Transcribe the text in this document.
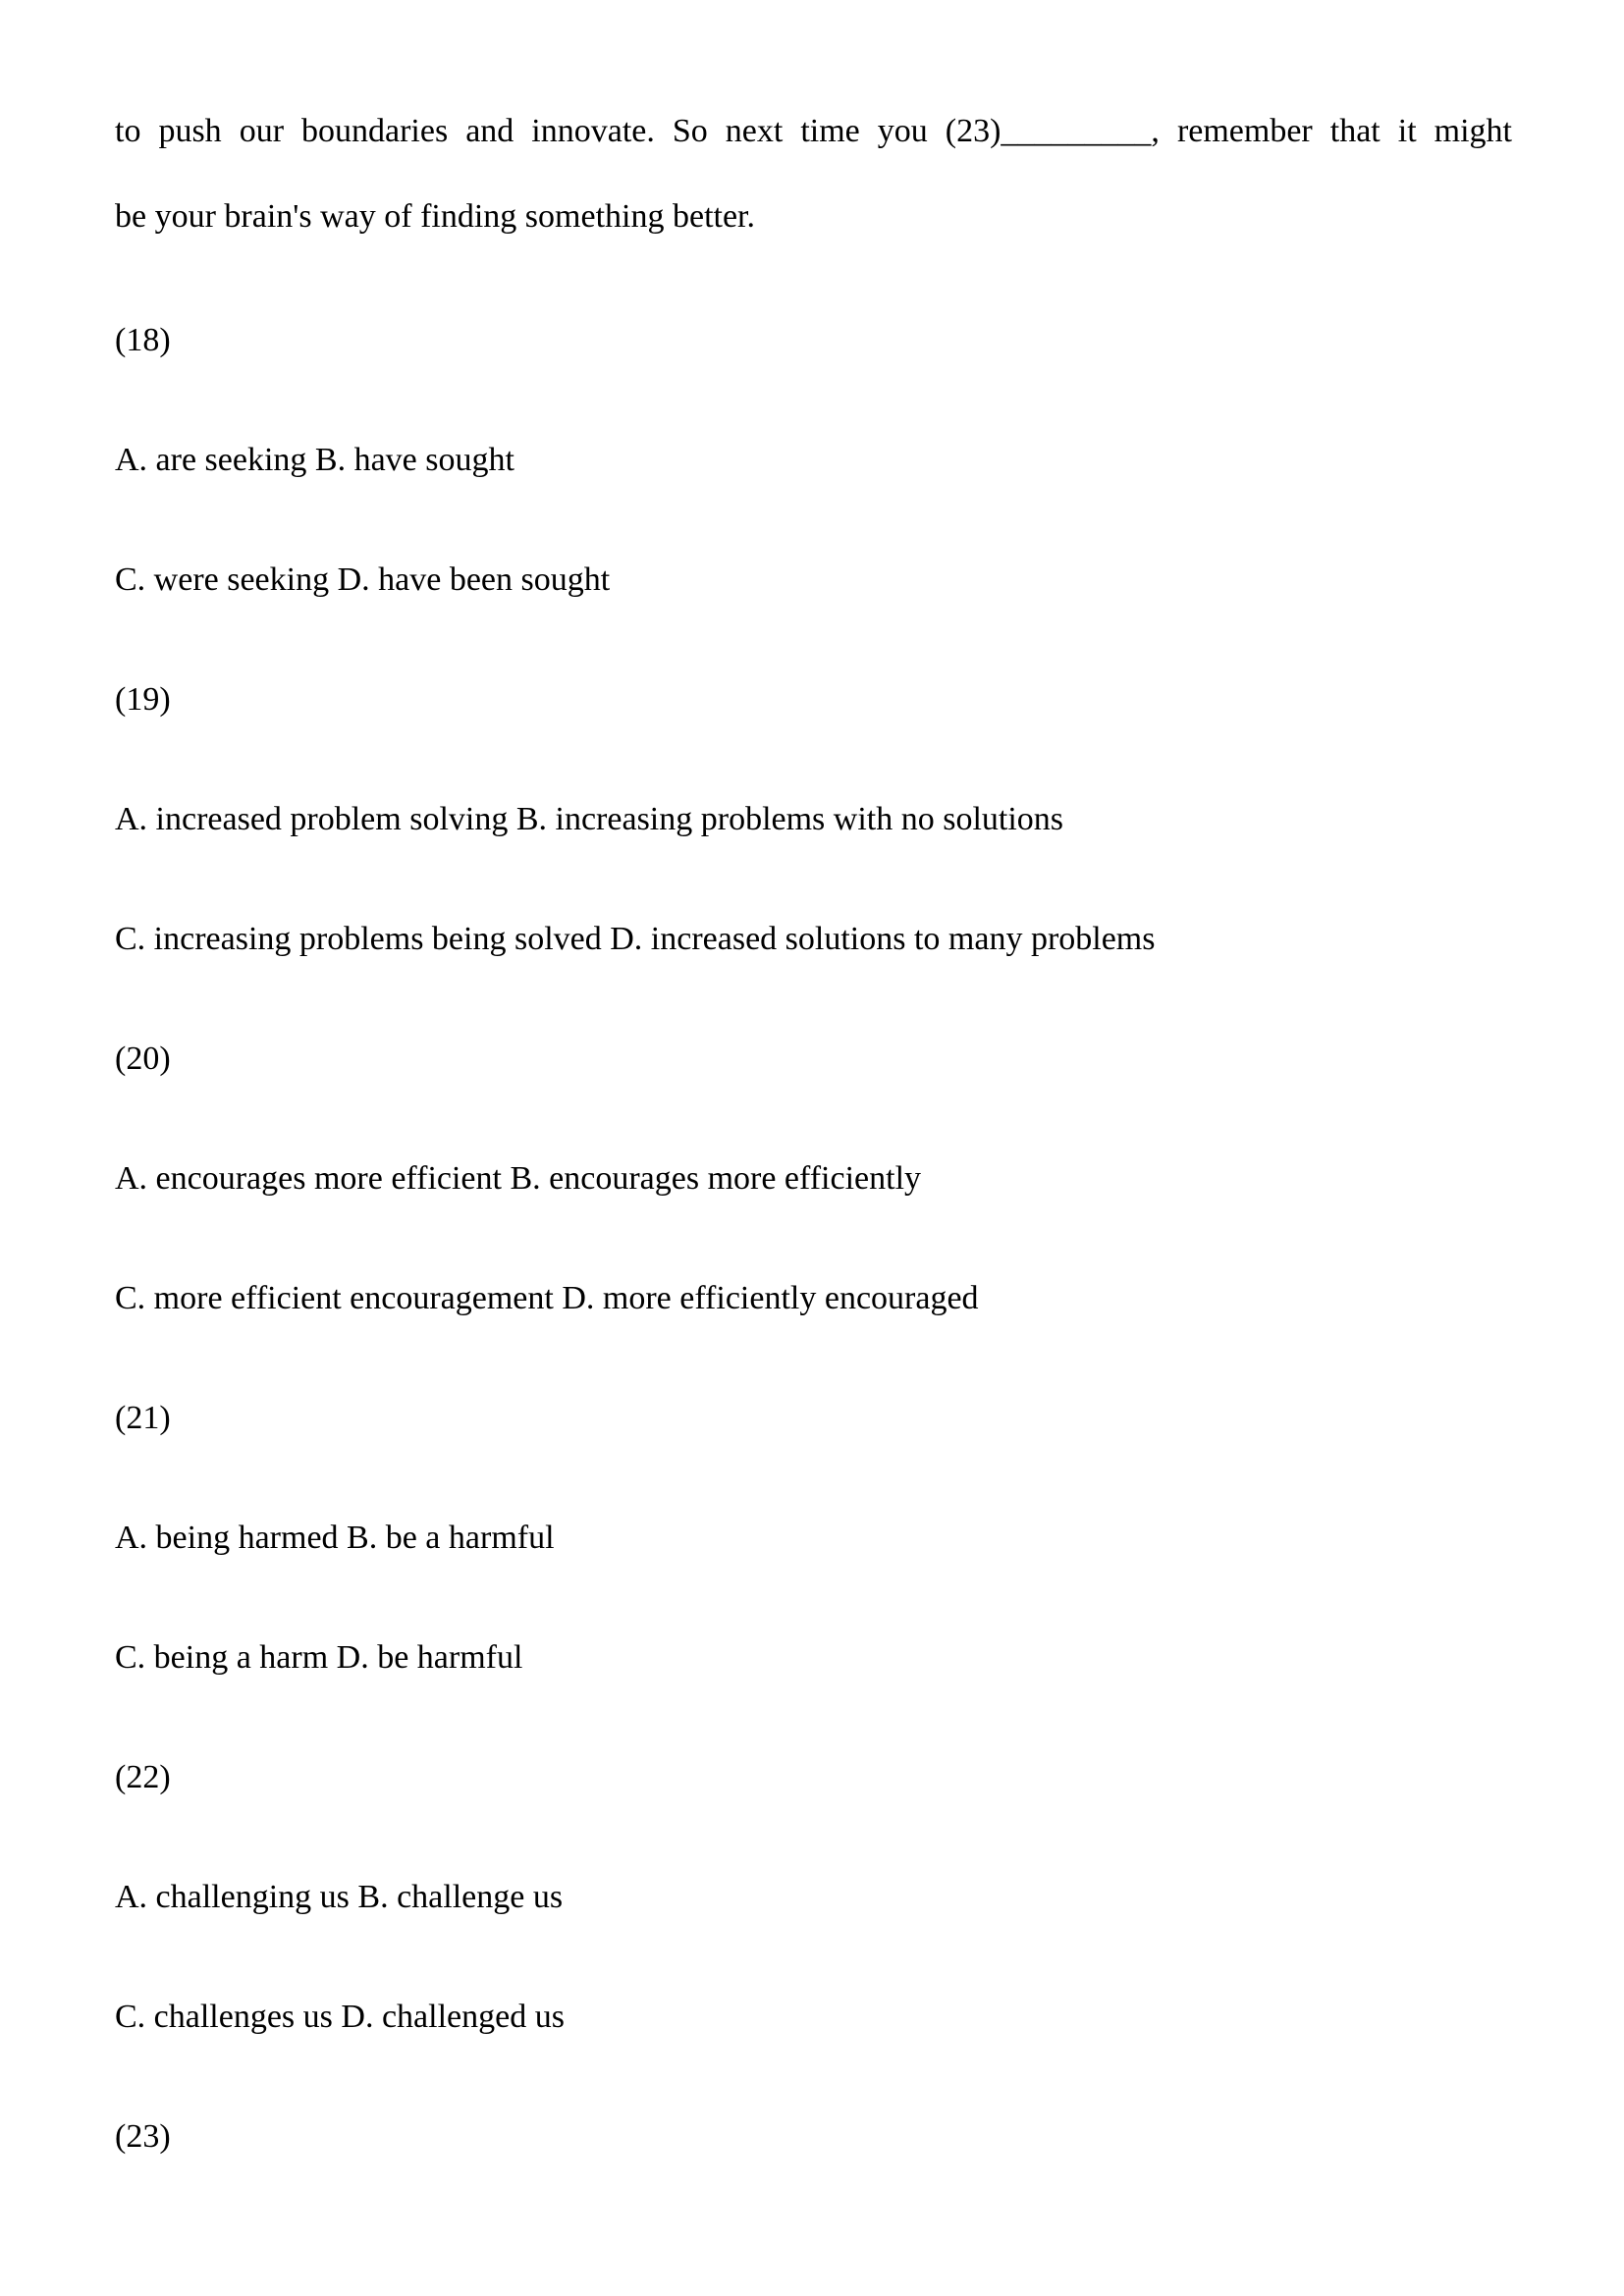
to push our boundaries and innovate. So next time you (23)_________, remember that it might
be your brain's way of finding something better.
(18)
A. are seeking B. have sought
C. were seeking D. have been sought
(19)
A. increased problem solving B. increasing problems with no solutions
C. increasing problems being solved D. increased solutions to many problems
(20)
A. encourages more efficient B. encourages more efficiently
C. more efficient encouragement D. more efficiently encouraged
(21)
A. being harmed B. be a harmful
C. being a harm D. be harmful
(22)
A. challenging us B. challenge us
C. challenges us D. challenged us
(23)
